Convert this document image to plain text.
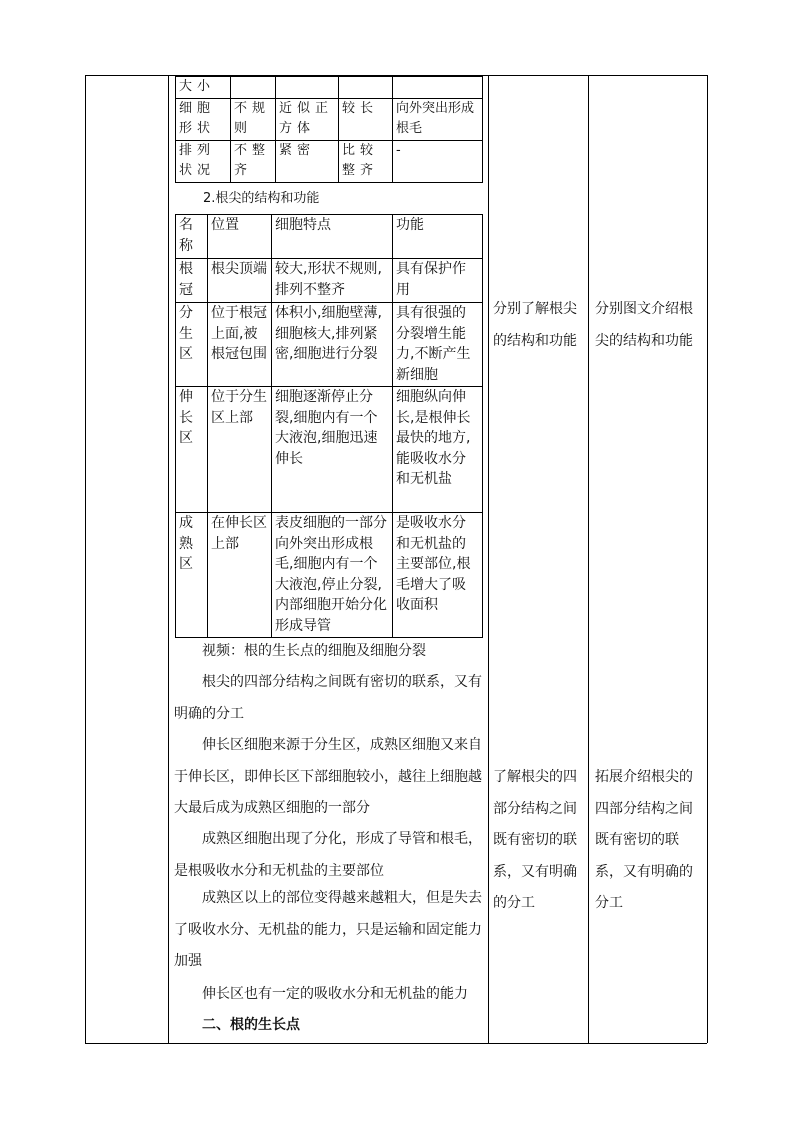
大小				
细胞形状	不规则	近似正方体	较长	向外突出形成根毛
排列状况	不整齐	紧密	比较整齐	-
2.根尖的结构和功能
名称	位置	细胞特点	功能
根冠	根尖顶端	较大,形状不规则,排列不整齐	具有保护作用
分生区	位于根冠上面,被根冠包围	体积小,细胞壁薄,细胞核大,排列紧密,细胞进行分裂	具有很强的分裂增生能力,不断产生新细胞
伸长区	位于分生区上部	细胞逐渐停止分裂,细胞内有一个大液泡,细胞迅速伸长	细胞纵向伸长,是根伸长最快的地方,能吸收水分和无机盐
成熟区	在伸长区上部	表皮细胞的一部分向外突出形成根毛,细胞内有一个大液泡,停止分裂,内部细胞开始分化形成导管	是吸收水分和无机盐的主要部位,根毛增大了吸收面积
视频：根的生长点的细胞及细胞分裂
根尖的四部分结构之间既有密切的联系，又有明确的分工
伸长区细胞来源于分生区，成熟区细胞又来自于伸长区，即伸长区下部细胞较小，越往上细胞越大最后成为成熟区细胞的一部分
成熟区细胞出现了分化，形成了导管和根毛，是根吸收水分和无机盐的主要部位
成熟区以上的部位变得越来越粗大，但是失去了吸收水分、无机盐的能力，只是运输和固定能力加强
伸长区也有一定的吸收水分和无机盐的能力
二、根的生长点
分别了解根尖的结构和功能
了解根尖的四部分结构之间既有密切的联系，又有明确的分工
分别图文介绍根尖的结构和功能
拓展介绍根尖的四部分结构之间既有密切的联系，又有明确的分工
